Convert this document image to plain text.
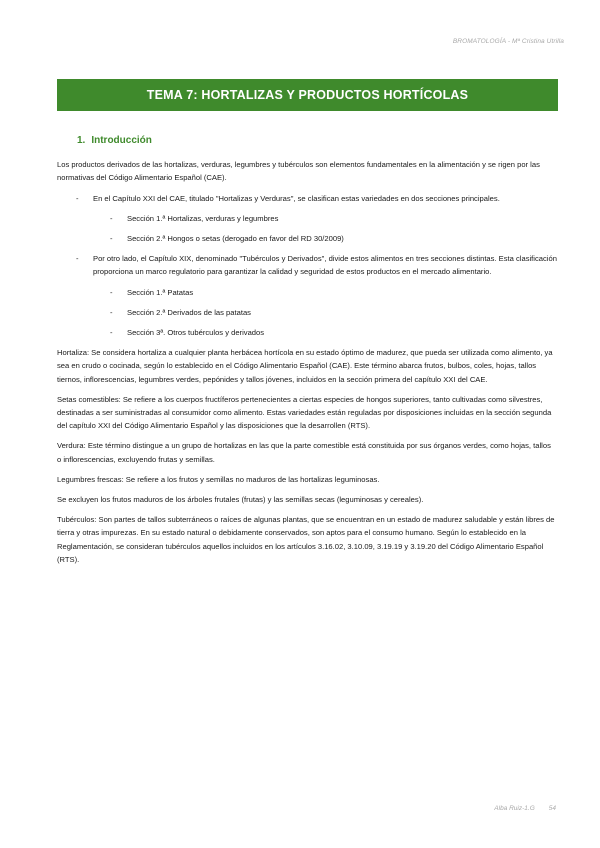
BROMATOLOGÍA - Mª Cristina Utrilla
TEMA 7: HORTALIZAS Y PRODUCTOS HORTÍCOLAS
1. Introducción

Los productos derivados de las hortalizas, verduras, legumbres y tubérculos son elementos fundamentales en la alimentación y se rigen por las normativas del Código Alimentario Español (CAE).

-	En el Capítulo XXI del CAE, titulado "Hortalizas y Verduras", se clasifican estas variedades en dos secciones principales.
-	Sección 1.ª Hortalizas, verduras y legumbres
-	Sección 2.ª Hongos o setas (derogado en favor del RD 30/2009)
-	Por otro lado, el Capítulo XIX, denominado "Tubérculos y Derivados", divide estos alimentos en tres secciones distintas. Esta clasificación proporciona un marco regulatorio para garantizar la calidad y seguridad de estos productos en el mercado alimentario.
-	Sección 1.ª Patatas
-	Sección 2.ª Derivados de las patatas
-	Sección 3ª. Otros tubérculos y derivados

Hortaliza: Se considera hortaliza a cualquier planta herbácea hortícola en su estado óptimo de madurez, que pueda ser utilizada como alimento, ya sea en crudo o cocinada, según lo establecido en el Código Alimentario Español (CAE). Este término abarca frutos, bulbos, coles, hojas, tallos tiernos, inflorescencias, legumbres verdes, pepónides y tallos jóvenes, incluidos en la sección primera del capítulo XXI del CAE.

Setas comestibles: Se refiere a los cuerpos fructíferos pertenecientes a ciertas especies de hongos superiores, tanto cultivadas como silvestres, destinadas a ser suministradas al consumidor como alimento. Estas variedades están reguladas por disposiciones incluidas en la sección segunda del capítulo XXI del Código Alimentario Español y las disposiciones que la desarrollen (RTS).

Verdura: Este término distingue a un grupo de hortalizas en las que la parte comestible está constituida por sus órganos verdes, como hojas, tallos o inflorescencias, excluyendo frutas y semillas.

Legumbres frescas: Se refiere a los frutos y semillas no maduros de las hortalizas leguminosas.

Se excluyen los frutos maduros de los árboles frutales (frutas) y las semillas secas (leguminosas y cereales).

Tubérculos: Son partes de tallos subterráneos o raíces de algunas plantas, que se encuentran en un estado de madurez saludable y están libres de tierra y otras impurezas. En su estado natural o debidamente conservados, son aptos para el consumo humano. Según lo establecido en la Reglamentación, se consideran tubérculos aquellos incluidos en los artículos 3.16.02, 3.10.09, 3.19.19 y 3.19.20 del Código Alimentario Español (RTS).

Alba Ruiz-1.G 54
